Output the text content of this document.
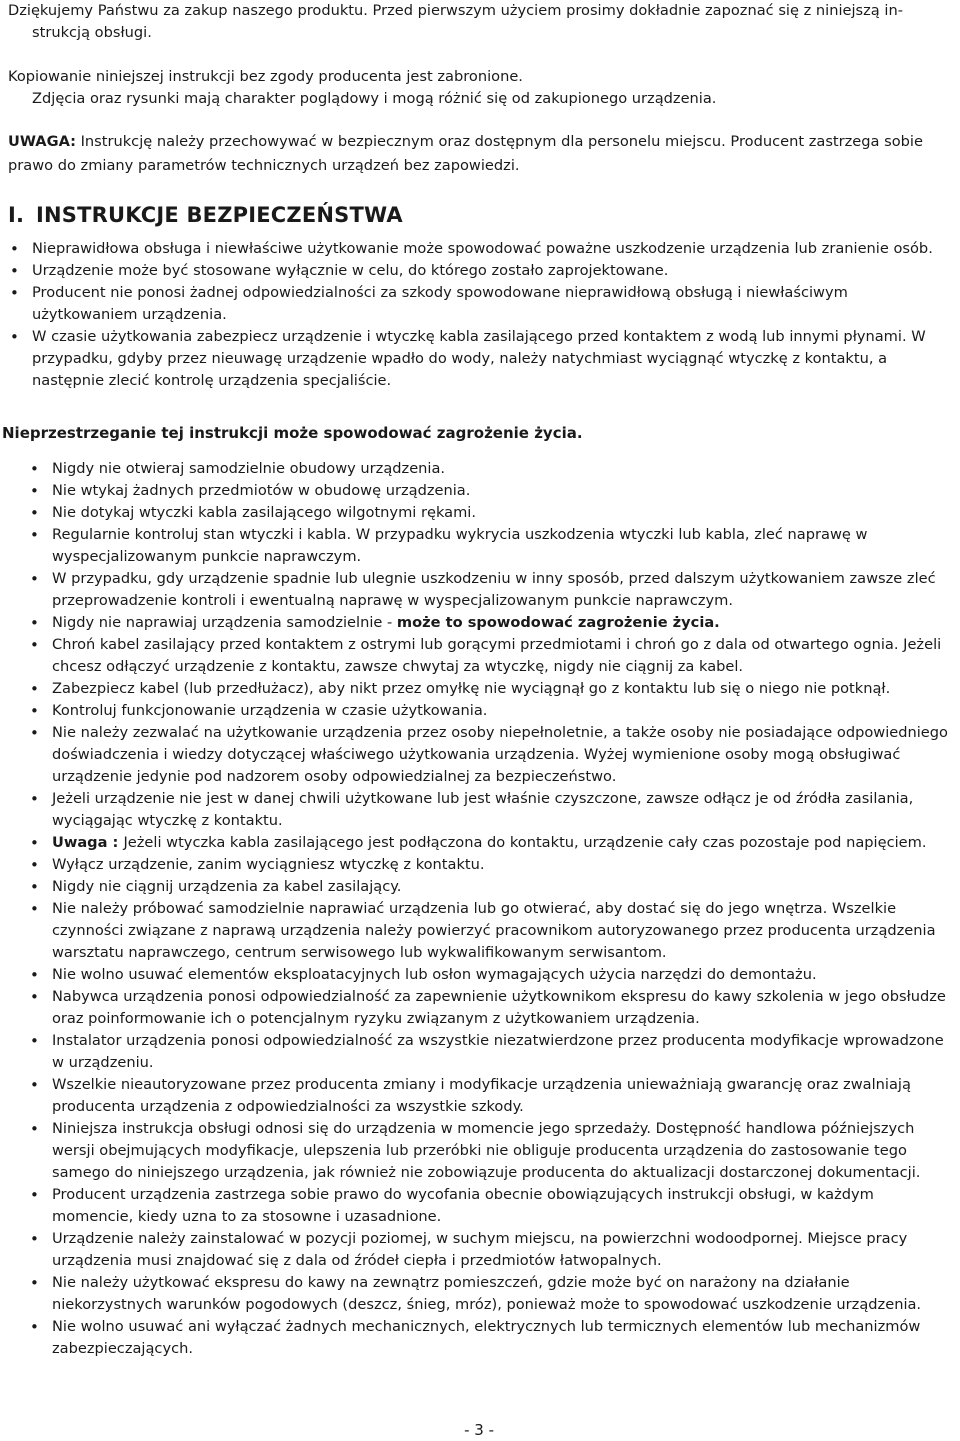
Dziękujemy Państwu za zakup naszego produktu. Przed pierwszym użyciem prosimy dokładnie zapoznać się z niniejszą in-
strukcją obsługi.
Kopiowanie niniejszej instrukcji bez zgody producenta jest zabronione.
Zdjęcia oraz rysunki mają charakter poglądowy i mogą różnić się od zakupionego urządzenia.
UWAGA: Instrukcję należy przechowywać w bezpiecznym oraz dostępnym dla personelu miejscu. Producent zastrzega sobie
prawo do zmiany parametrów technicznych urządzeń bez zapowiedzi.
I. INSTRUKCJE BEZPIECZEŃSTWA
• Nieprawidłowa obsługa i niewłaściwe użytkowanie może spowodować poważne uszkodzenie urządzenia lub zranienie osób.
• Urządzenie może być stosowane wyłącznie w celu, do którego zostało zaprojektowane.
• Producent nie ponosi żadnej odpowiedzialności za szkody spowodowane nieprawidłową obsługą i niewłaściwym użytkowaniem urządzenia.
• W czasie użytkowania zabezpiecz urządzenie i wtyczkę kabla zasilającego przed kontaktem z wodą lub innymi płynami. W przypadku, gdyby przez nieuwagę urządzenie wpadło do wody, należy natychmiast wyciągnąć wtyczkę z kontaktu, a następnie zlecić kontrolę urządzenia specjaliście.
Nieprzestrzeganie tej instrukcji może spowodować zagrożenie życia.
• Nigdy nie otwieraj samodzielnie obudowy urządzenia.
• Nie wtykaj żadnych przedmiotów w obudowę urządzenia.
• Nie dotykaj wtyczki kabla zasilającego wilgotnymi rękami.
• Regularnie kontroluj stan wtyczki i kabla. W przypadku wykrycia uszkodzenia wtyczki lub kabla, zleć naprawę w wyspecjalizowanym punkcie naprawczym.
• W przypadku, gdy urządzenie spadnie lub ulegnie uszkodzeniu w inny sposób, przed dalszym użytkowaniem zawsze zleć przeprowadzenie kontroli i ewentualną naprawę w wyspecjalizowanym punkcie naprawczym.
• Nigdy nie naprawiaj urządzenia samodzielnie - może to spowodować zagrożenie życia.
• Chroń kabel zasilający przed kontaktem z ostrymi lub gorącymi przedmiotami i chroń go z dala od otwartego ognia. Jeżeli chcesz odłączyć urządzenie z kontaktu, zawsze chwytaj za wtyczkę, nigdy nie ciągnij za kabel.
• Zabezpiecz kabel (lub przedłużacz), aby nikt przez omyłkę nie wyciągnął go z kontaktu lub się o niego nie potknął.
• Kontroluj funkcjonowanie urządzenia w czasie użytkowania.
• Nie należy zezwalać na użytkowanie urządzenia przez osoby niepełnoletnie, a także osoby nie posiadające odpowiedniego doświadczenia i wiedzy dotyczącej właściwego użytkowania urządzenia. Wyżej wymienione osoby mogą obsługiwać urządzenie jedynie pod nadzorem osoby odpowiedzialnej za bezpieczeństwo.
• Jeżeli urządzenie nie jest w danej chwili użytkowane lub jest właśnie czyszczone, zawsze odłącz je od źródła zasilania, wyciągając wtyczkę z kontaktu.
• Uwaga : Jeżeli wtyczka kabla zasilającego jest podłączona do kontaktu, urządzenie cały czas pozostaje pod napięciem.
• Wyłącz urządzenie, zanim wyciągniesz wtyczkę z kontaktu.
• Nigdy nie ciągnij urządzenia za kabel zasilający.
• Nie należy próbować samodzielnie naprawiać urządzenia lub go otwierać, aby dostać się do jego wnętrza. Wszelkie czynności związane z naprawą urządzenia należy powierzyć pracownikom autoryzowanego przez producenta urządzenia warsztatu naprawczego, centrum serwisowego lub wykwalifikowanym serwisantom.
• Nie wolno usuwać elementów eksploatacyjnych lub osłon wymagających użycia narzędzi do demontażu.
• Nabywca urządzenia ponosi odpowiedzialność za zapewnienie użytkownikom ekspresu do kawy szkolenia w jego obsłudze oraz poinformowanie ich o potencjalnym ryzyku związanym z użytkowaniem urządzenia.
• Instalator urządzenia ponosi odpowiedzialność za wszystkie niezatwierdzone przez producenta modyfikacje wprowadzone w urządzeniu.
• Wszelkie nieautoryzowane przez producenta zmiany i modyfikacje urządzenia unieważniają gwarancję oraz zwalniają producenta urządzenia z odpowiedzialności za wszystkie szkody.
• Niniejsza instrukcja obsługi odnosi się do urządzenia w momencie jego sprzedaży. Dostępność handlowa późniejszych wersji obejmujących modyfikacje, ulepszenia lub przeróbki nie obliguje producenta urządzenia do zastosowanie tego samego do niniejszego urządzenia, jak również nie zobowiązuje producenta do aktualizacji dostarczonej dokumentacji.
• Producent urządzenia zastrzega sobie prawo do wycofania obecnie obowiązujących instrukcji obsługi, w każdym momencie, kiedy uzna to za stosowne i uzasadnione.
• Urządzenie należy zainstalować w pozycji poziomej, w suchym miejscu, na powierzchni wodoodpornej. Miejsce pracy urządzenia musi znajdować się z dala od źródeł ciepła i przedmiotów łatwopalnych.
• Nie należy użytkować ekspresu do kawy na zewnątrz pomieszczeń, gdzie może być on narażony na działanie niekorzystnych warunków pogodowych (deszcz, śnieg, mróz), ponieważ może to spowodować uszkodzenie urządzenia.
• Nie wolno usuwać ani wyłączać żadnych mechanicznych, elektrycznych lub termicznych elementów lub mechanizmów zabezpieczających.
- 3 -
